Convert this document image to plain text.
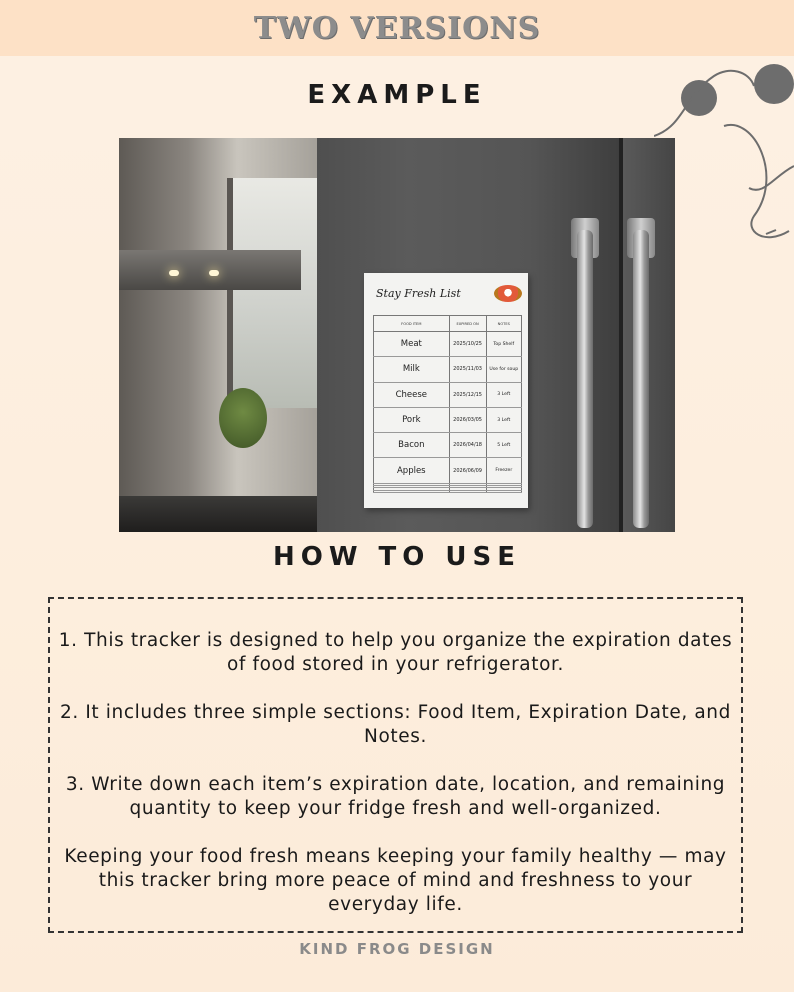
TWO VERSIONS
EXAMPLE
Stay Fresh List
FOOD ITEM	EXPIRED ON	NOTES
Meat	2025/10/25	Top Shelf
Milk	2025/11/03	Use for soup
Cheese	2025/12/15	3 Left
Pork	2026/03/05	3 Left
Bacon	2026/04/18	5 Left
Apples	2026/06/09	Freezer

HOW TO USE

1. This tracker is designed to help you organize the expiration dates of food stored in your refrigerator.

2. It includes three simple sections: Food Item, Expiration Date, and Notes.

3. Write down each item’s expiration date, location, and remaining quantity to keep your fridge fresh and well-organized.

Keeping your food fresh means keeping your family healthy — may this tracker bring more peace of mind and freshness to your everyday life.

KIND FROG DESIGN
